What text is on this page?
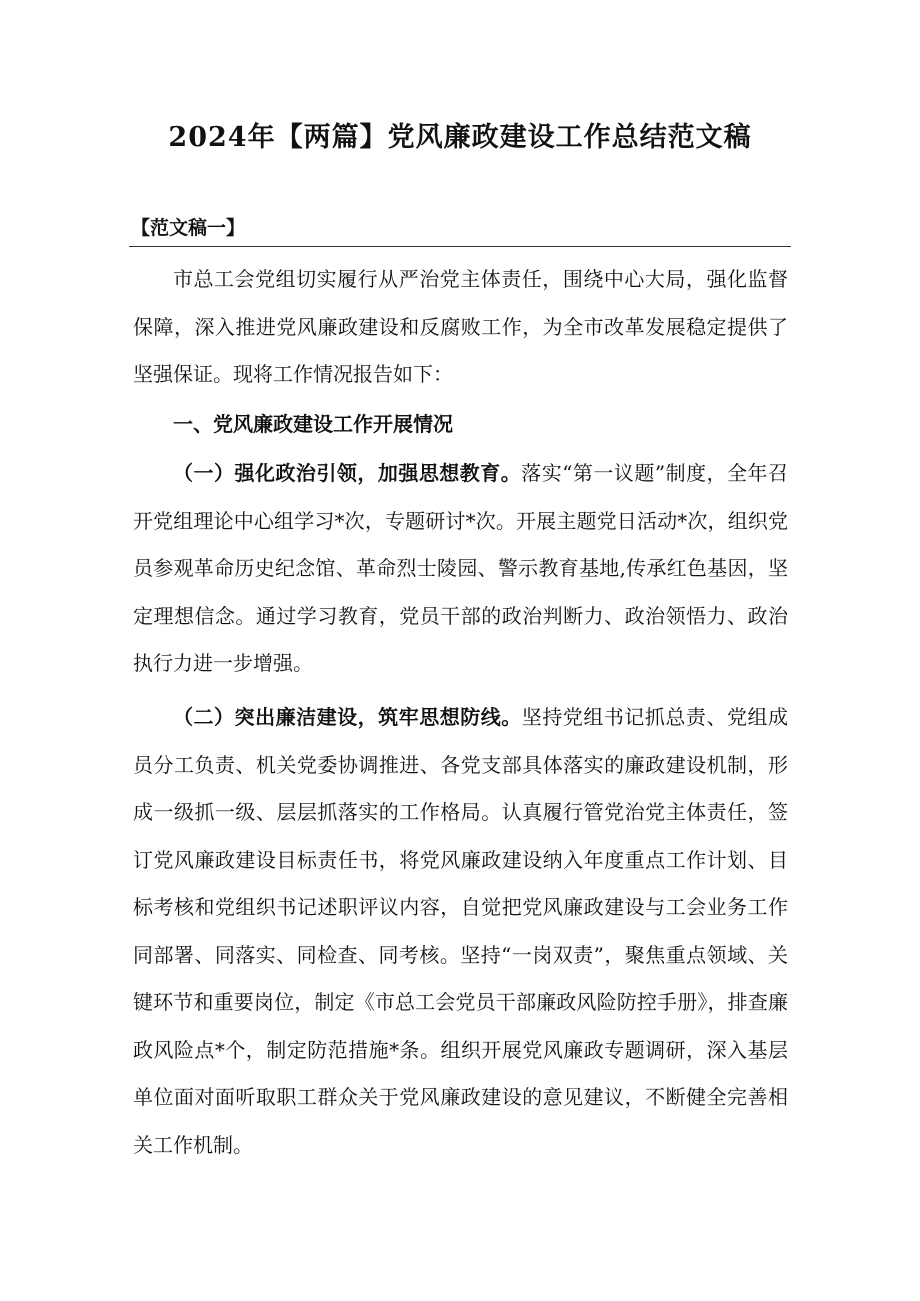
2024年【两篇】党风廉政建设工作总结范文稿
【范文稿一】

市总工会党组切实履行从严治党主体责任，围绕中心大局，强化监督保障，深入推进党风廉政建设和反腐败工作，为全市改革发展稳定提供了坚强保证。现将工作情况报告如下：

一、党风廉政建设工作开展情况

（一）强化政治引领，加强思想教育。落实“第一议题”制度，全年召开党组理论中心组学习*次，专题研讨*次。开展主题党日活动*次，组织党员参观革命历史纪念馆、革命烈士陵园、警示教育基地,传承红色基因，坚定理想信念。通过学习教育，党员干部的政治判断力、政治领悟力、政治执行力进一步增强。

（二）突出廉洁建设，筑牢思想防线。坚持党组书记抓总责、党组成员分工负责、机关党委协调推进、各党支部具体落实的廉政建设机制，形成一级抓一级、层层抓落实的工作格局。认真履行管党治党主体责任，签订党风廉政建设目标责任书，将党风廉政建设纳入年度重点工作计划、目标考核和党组织书记述职评议内容，自觉把党风廉政建设与工会业务工作同部署、同落实、同检查、同考核。坚持“一岗双责”，聚焦重点领域、关键环节和重要岗位，制定《市总工会党员干部廉政风险防控手册》，排查廉政风险点*个，制定防范措施*条。组织开展党风廉政专题调研，深入基层单位面对面听取职工群众关于党风廉政建设的意见建议，不断健全完善相关工作机制。
